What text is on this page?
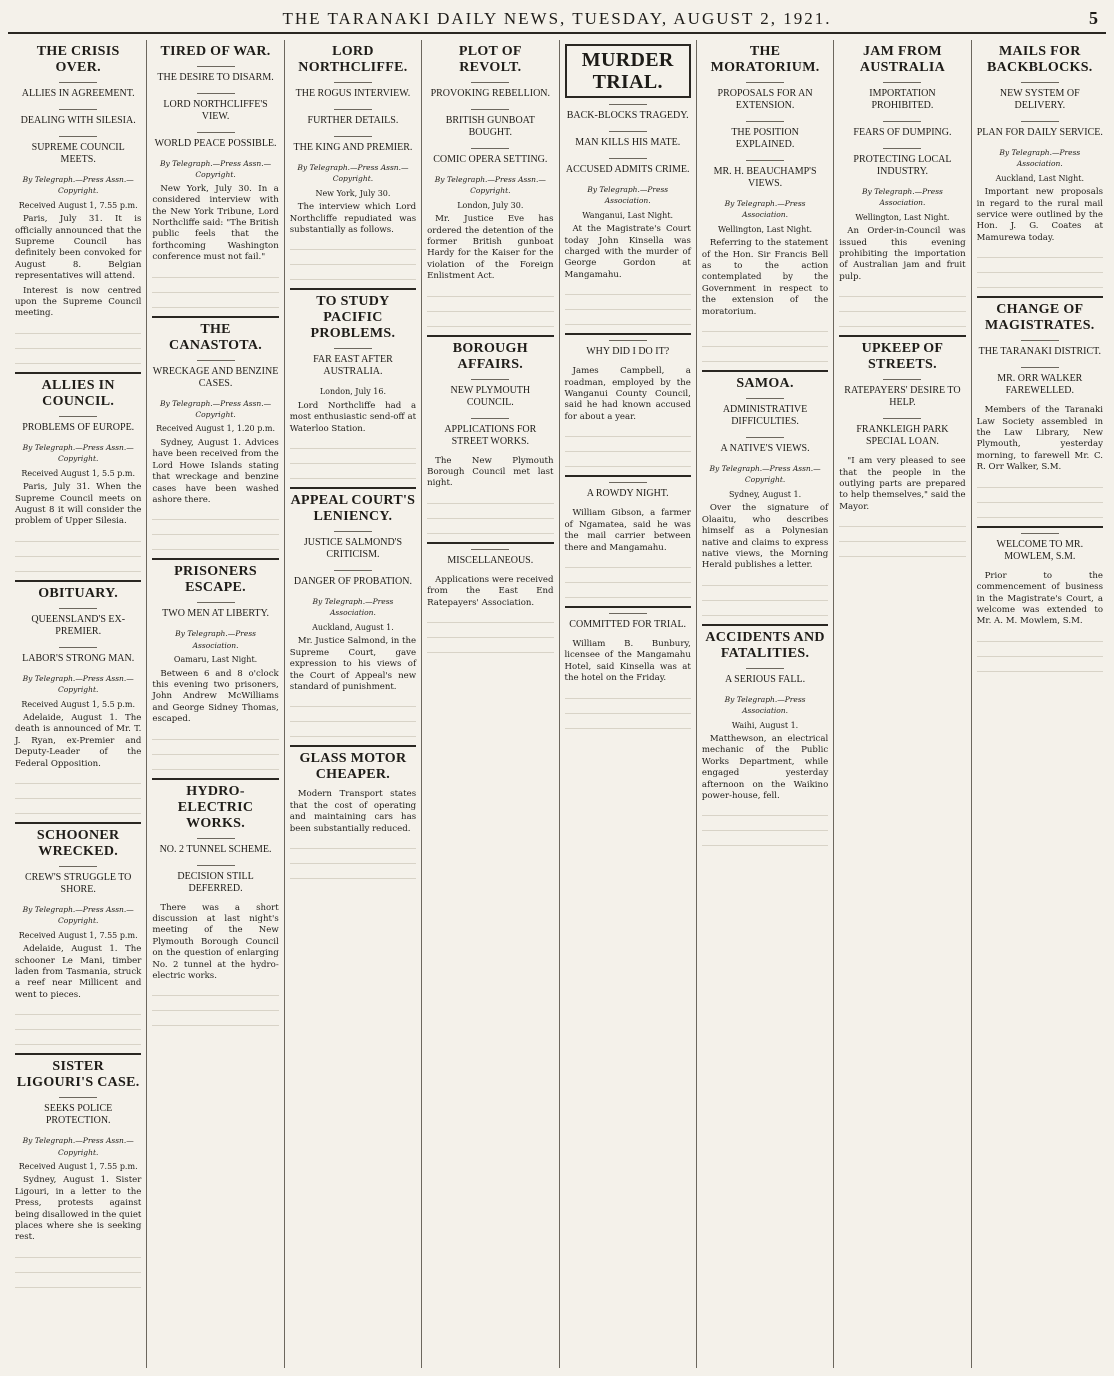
THE TARANAKI DAILY NEWS, TUESDAY, AUGUST 2, 1921.	5
THE CRISIS OVER.
ALLIES IN AGREEMENT.
DEALING WITH SILESIA.
SUPREME COUNCIL MEETS.
By Telegraph.—Press Assn.—Copyright.
Received August 1, 7.55 p.m.

Paris, July 31. It is officially announced that the Supreme Council has definitely been convoked for August 8. Belgian representatives will attend.

Interest is now centred upon the Supreme Council meeting.

ALLIES IN COUNCIL.
PROBLEMS OF EUROPE.
By Telegraph.—Press Assn.—Copyright.
Received August 1, 5.5 p.m.

Paris, July 31. When the Supreme Council meets on August 8 it will consider the problem of Upper Silesia.

OBITUARY.
QUEENSLAND'S EX-PREMIER.
LABOR'S STRONG MAN.
By Telegraph.—Press Assn.—Copyright.
Received August 1, 5.5 p.m.

Adelaide, August 1. The death is announced of Mr. T. J. Ryan, ex-Premier and Deputy-Leader of the Federal Opposition.

SCHOONER WRECKED.
CREW'S STRUGGLE TO SHORE.
By Telegraph.—Press Assn.—Copyright.
Received August 1, 7.55 p.m.

Adelaide, August 1. The schooner Le Mani, timber laden from Tasmania, struck a reef near Millicent and went to pieces.

SISTER LIGOURI'S CASE.
SEEKS POLICE PROTECTION.
By Telegraph.—Press Assn.—Copyright.
Received August 1, 7.55 p.m.

Sydney, August 1. Sister Ligouri, in a letter to the Press, protests against being disallowed in the quiet places where she is seeking rest.

TIRED OF WAR.
THE DESIRE TO DISARM.
LORD NORTHCLIFFE'S VIEW.
WORLD PEACE POSSIBLE.
By Telegraph.—Press Assn.—Copyright.

New York, July 30. In a considered interview with the New York Tribune, Lord Northcliffe said: "The British public feels that the forthcoming Washington conference must not fail."

THE CANASTOTA.
WRECKAGE AND BENZINE CASES.
By Telegraph.—Press Assn.—Copyright.
Received August 1, 1.20 p.m.

Sydney, August 1. Advices have been received from the Lord Howe Islands stating that wreckage and benzine cases have been washed ashore there.

PRISONERS ESCAPE.
TWO MEN AT LIBERTY.
By Telegraph.—Press Association.
Oamaru, Last Night.

Between 6 and 8 o'clock this evening two prisoners, John Andrew McWilliams and George Sidney Thomas, escaped.

HYDRO-ELECTRIC WORKS.
NO. 2 TUNNEL SCHEME.
DECISION STILL DEFERRED.

There was a short discussion at last night's meeting of the New Plymouth Borough Council on the question of enlarging No. 2 tunnel at the hydro-electric works.

LORD NORTHCLIFFE.
THE ROGUS INTERVIEW.
FURTHER DETAILS.
THE KING AND PREMIER.
By Telegraph.—Press Assn.—Copyright.
New York, July 30.

The interview which Lord Northcliffe repudiated was substantially as follows.

TO STUDY PACIFIC PROBLEMS.
FAR EAST AFTER AUSTRALIA.
London, July 16.

Lord Northcliffe had a most enthusiastic send-off at Waterloo Station.

APPEAL COURT'S LENIENCY.
JUSTICE SALMOND'S CRITICISM.
DANGER OF PROBATION.
By Telegraph.—Press Association.
Auckland, August 1.

Mr. Justice Salmond, in the Supreme Court, gave expression to his views of the Court of Appeal's new standard of punishment.

GLASS MOTOR CHEAPER.

Modern Transport states that the cost of operating and maintaining cars has been substantially reduced.

PLOT OF REVOLT.
PROVOKING REBELLION.
BRITISH GUNBOAT BOUGHT.
COMIC OPERA SETTING.
By Telegraph.—Press Assn.—Copyright.
London, July 30.

Mr. Justice Eve has ordered the detention of the former British gunboat Hardy for the Kaiser for the violation of the Foreign Enlistment Act.

BOROUGH AFFAIRS.
NEW PLYMOUTH COUNCIL.
APPLICATIONS FOR STREET WORKS.

The New Plymouth Borough Council met last night.

MISCELLANEOUS.

Applications were received from the East End Ratepayers' Association.

MURDER TRIAL.
BACK-BLOCKS TRAGEDY.
MAN KILLS HIS MATE.
ACCUSED ADMITS CRIME.
By Telegraph.—Press Association.
Wanganui, Last Night.

At the Magistrate's Court today John Kinsella was charged with the murder of George Gordon at Mangamahu.

WHY DID I DO IT?

James Campbell, a roadman, employed by the Wanganui County Council, said he had known accused for about a year.

A ROWDY NIGHT.

William Gibson, a farmer of Ngamatea, said he was the mail carrier between there and Mangamahu.

COMMITTED FOR TRIAL.

William B. Bunbury, licensee of the Mangamahu Hotel, said Kinsella was at the hotel on the Friday.

THE MORATORIUM.
PROPOSALS FOR AN EXTENSION.
THE POSITION EXPLAINED.
MR. H. BEAUCHAMP'S VIEWS.
By Telegraph.—Press Association.
Wellington, Last Night.

Referring to the statement of the Hon. Sir Francis Bell as to the action contemplated by the Government in respect to the extension of the moratorium.

SAMOA.
ADMINISTRATIVE DIFFICULTIES.
A NATIVE'S VIEWS.
By Telegraph.—Press Assn.—Copyright.
Sydney, August 1.

Over the signature of Olaaitu, who describes himself as a Polynesian native and claims to express native views, the Morning Herald publishes a letter.

ACCIDENTS AND FATALITIES.
A SERIOUS FALL.
By Telegraph.—Press Association.
Waihi, August 1.

Matthewson, an electrical mechanic of the Public Works Department, while engaged yesterday afternoon on the Waikino power-house, fell.

JAM FROM AUSTRALIA
IMPORTATION PROHIBITED.
FEARS OF DUMPING.
PROTECTING LOCAL INDUSTRY.
By Telegraph.—Press Association.
Wellington, Last Night.

An Order-in-Council was issued this evening prohibiting the importation of Australian jam and fruit pulp.

UPKEEP OF STREETS.
RATEPAYERS' DESIRE TO HELP.
FRANKLEIGH PARK SPECIAL LOAN.

"I am very pleased to see that the people in the outlying parts are prepared to help themselves," said the Mayor.

MAILS FOR BACKBLOCKS.
NEW SYSTEM OF DELIVERY.
PLAN FOR DAILY SERVICE.
By Telegraph.—Press Association.
Auckland, Last Night.

Important new proposals in regard to the rural mail service were outlined by the Hon. J. G. Coates at Mamurewa today.

CHANGE OF MAGISTRATES.
THE TARANAKI DISTRICT.
MR. ORR WALKER FAREWELLED.

Members of the Taranaki Law Society assembled in the Law Library, New Plymouth, yesterday morning, to farewell Mr. C. R. Orr Walker, S.M.

WELCOME TO MR. MOWLEM, S.M.

Prior to the commencement of business in the Magistrate's Court, a welcome was extended to Mr. A. M. Mowlem, S.M.
